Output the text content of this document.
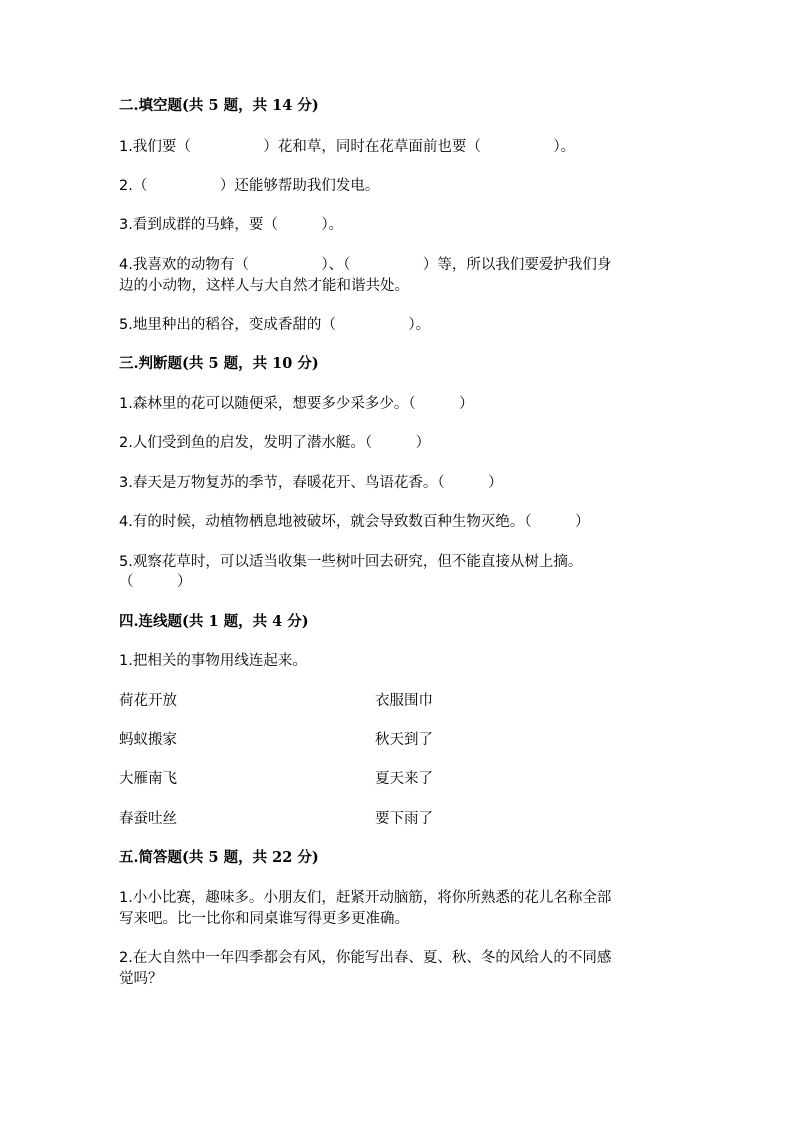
二.填空题(共 5 题，共 14 分)
1.我们要（　　　　　）花和草，同时在花草面前也要（　　　　　）。
2.（　　　　　）还能够帮助我们发电。
3.看到成群的马蜂，要（　　　）。
4.我喜欢的动物有（　　　　　）、（　　　　　）等，所以我们要爱护我们身
边的小动物，这样人与大自然才能和谐共处。
5.地里种出的稻谷，变成香甜的（　　　　　）。
三.判断题(共 5 题，共 10 分)
1.森林里的花可以随便采，想要多少采多少。（　　　）
2.人们受到鱼的启发，发明了潜水艇。（　　　）
3.春天是万物复苏的季节，春暖花开、鸟语花香。（　　　）
4.有的时候，动植物栖息地被破坏，就会导致数百种生物灭绝。（　　　）
5.观察花草时，可以适当收集一些树叶回去研究，但不能直接从树上摘。
（　　　）
四.连线题(共 1 题，共 4 分)
1.把相关的事物用线连起来。
荷花开放	衣服围巾
蚂蚁搬家	秋天到了
大雁南飞	夏天来了
春蚕吐丝	要下雨了
五.简答题(共 5 题，共 22 分)
1.小小比赛，趣味多。小朋友们，赶紧开动脑筋，将你所熟悉的花儿名称全部
写来吧。比一比你和同桌谁写得更多更准确。
2.在大自然中一年四季都会有风，你能写出春、夏、秋、冬的风给人的不同感
觉吗？
